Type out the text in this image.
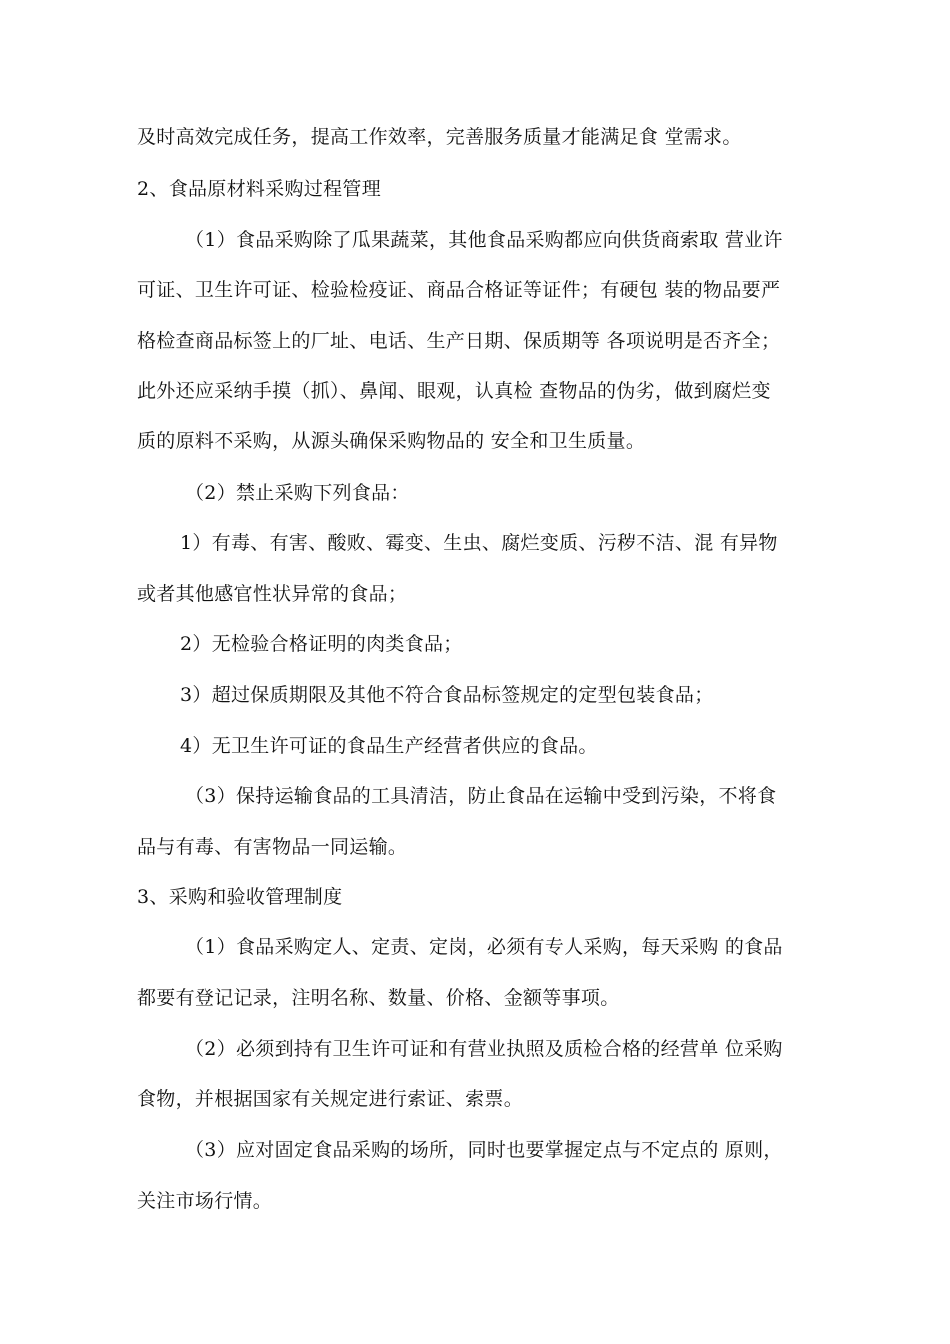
及时高效完成任务，提高工作效率，完善服务质量才能满足食 堂需求。
2、食品原材料采购过程管理
（1）食品采购除了瓜果蔬菜，其他食品采购都应向供货商索取 营业许
可证、卫生许可证、检验检疫证、商品合格证等证件；有硬包 装的物品要严
格检查商品标签上的厂址、电话、生产日期、保质期等 各项说明是否齐全；
此外还应采纳手摸（抓）、鼻闻、眼观，认真检 查物品的伪劣，做到腐烂变
质的原料不采购，从源头确保采购物品的 安全和卫生质量。
（2）禁止采购下列食品：
1）有毒、有害、酸败、霉变、生虫、腐烂变质、污秽不洁、混 有异物
或者其他感官性状异常的食品；
2）无检验合格证明的肉类食品；
3）超过保质期限及其他不符合食品标签规定的定型包装食品；
4）无卫生许可证的食品生产经营者供应的食品。
（3）保持运输食品的工具清洁，防止食品在运输中受到污染，不将食
品与有毒、有害物品一同运输。
3、采购和验收管理制度
（1）食品采购定人、定责、定岗，必须有专人采购，每天采购 的食品
都要有登记记录，注明名称、数量、价格、金额等事项。
（2）必须到持有卫生许可证和有营业执照及质检合格的经营单 位采购
食物，并根据国家有关规定进行索证、索票。
（3）应对固定食品采购的场所，同时也要掌握定点与不定点的 原则，
关注市场行情。
